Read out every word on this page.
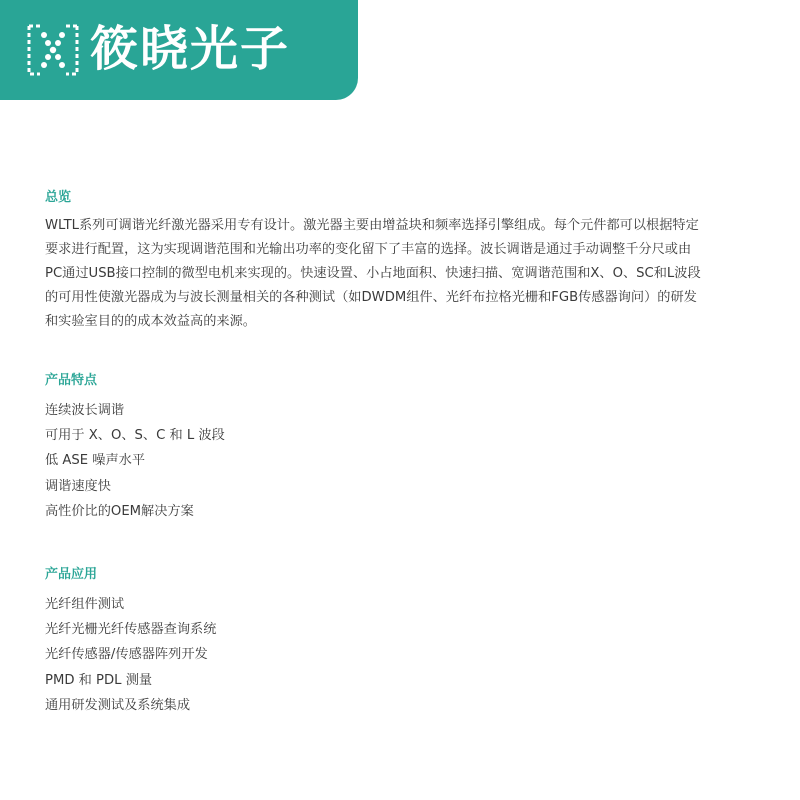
筱晓光子
总览

WLTL系列可调谐光纤激光器采用专有设计。激光器主要由增益块和频率选择引擎组成。每个元件都可以根据特定

要求进行配置，这为实现调谐范围和光输出功率的变化留下了丰富的选择。波长调谐是通过手动调整千分尺或由

PC通过USB接口控制的微型电机来实现的。快速设置、小占地面积、快速扫描、宽调谐范围和X、O、SC和L波段

的可用性使激光器成为与波长测量相关的各种测试（如DWDM组件、光纤布拉格光栅和FGB传感器询问）的研发

和实验室目的的成本效益高的来源。

产品特点
连续波长调谐
可用于 X、O、S、C 和 L 波段
低 ASE 噪声水平
调谐速度快
高性价比的OEM解决方案
产品应用
光纤组件测试
光纤光栅光纤传感器查询系统
光纤传感器/传感器阵列开发
PMD 和 PDL 测量
通用研发测试及系统集成
